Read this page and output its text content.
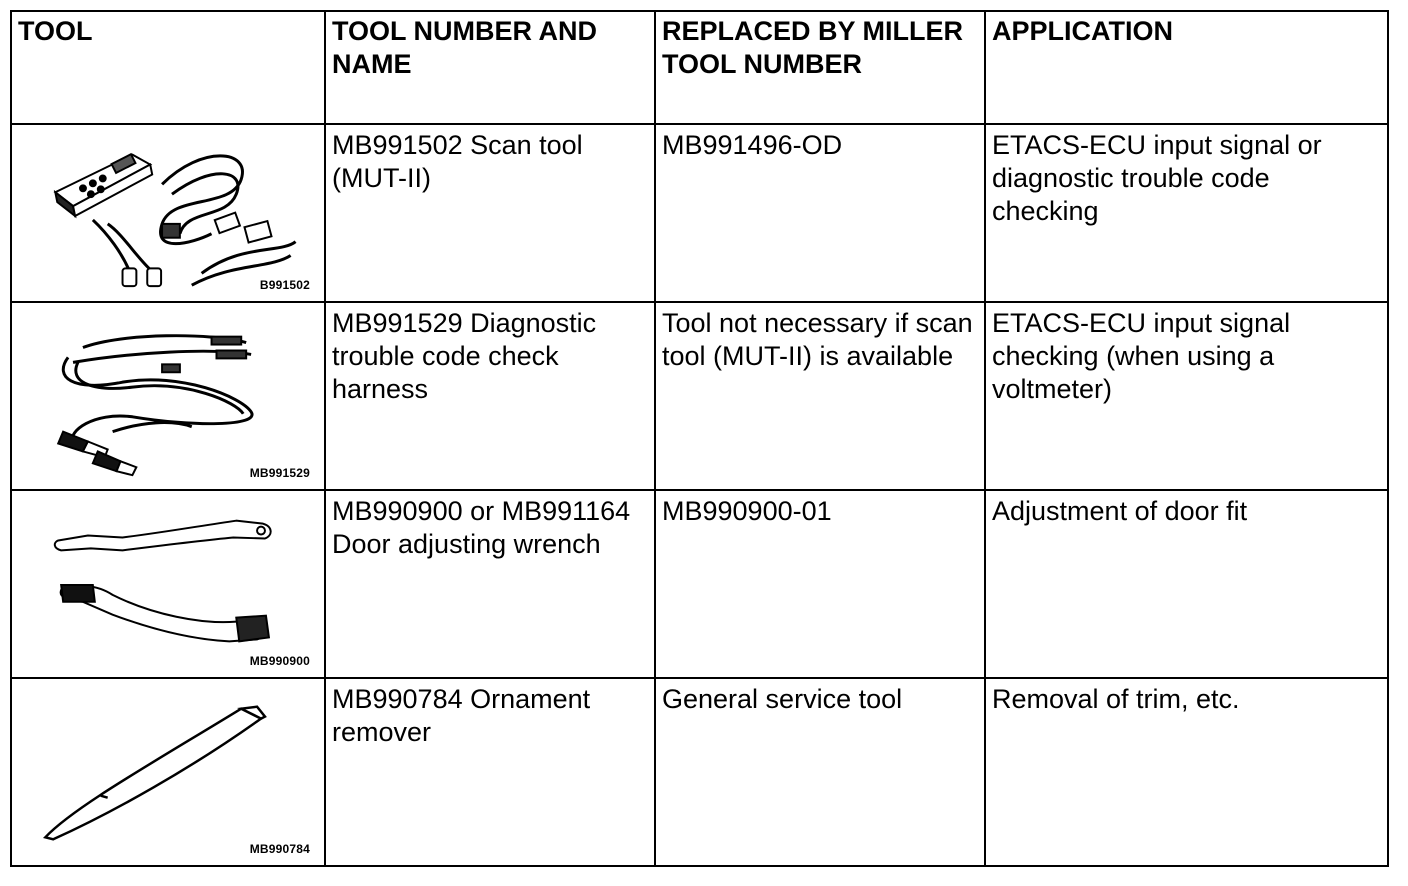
TOOL	TOOL NUMBER AND NAME	REPLACED BY MILLER TOOL NUMBER	APPLICATION

B991502	MB991502 Scan tool (MUT-II)	MB991496-OD	ETACS-ECU input signal or diagnostic trouble code checking

MB991529	MB991529 Diagnostic trouble code check harness	Tool not necessary if scan tool (MUT-II) is available	ETACS-ECU input signal checking (when using a voltmeter)

MB990900	MB990900 or MB991164 Door adjusting wrench	MB990900-01	Adjustment of door fit

MB990784	MB990784 Ornament remover	General service tool	Removal of trim, etc.
